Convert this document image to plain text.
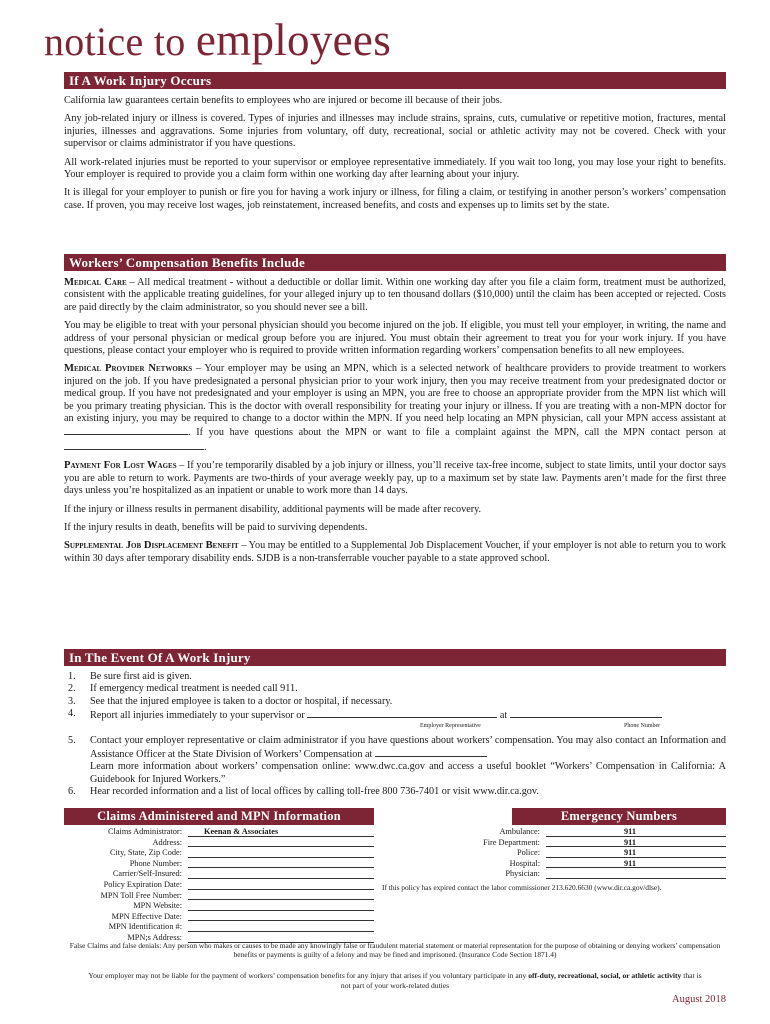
notice to employees
If A Work Injury Occurs

California law guarantees certain benefits to employees who are injured or become ill because of their jobs.

Any job-related injury or illness is covered. Types of injuries and illnesses may include strains, sprains, cuts, cumulative or repetitive motion, fractures, mental injuries, illnesses and aggravations. Some injuries from voluntary, off duty, recreational, social or athletic activity may not be covered. Check with your supervisor or claims administrator if you have questions.

All work-related injuries must be reported to your supervisor or employee representative immediately. If you wait too long, you may lose your right to benefits. Your employer is required to provide you a claim form within one working day after learning about your injury.

It is illegal for your employer to punish or fire you for having a work injury or illness, for filing a claim, or testifying in another person’s workers’ compensation case. If proven, you may receive lost wages, job reinstatement, increased benefits, and costs and expenses up to limits set by the state.

Workers’ Compensation Benefits Include

Medical Care – All medical treatment - without a deductible or dollar limit. Within one working day after you file a claim form, treatment must be authorized, consistent with the applicable treating guidelines, for your alleged injury up to ten thousand dollars ($10,000) until the claim has been accepted or rejected. Costs are paid directly by the claim administrator, so you should never see a bill.

You may be eligible to treat with your personal physician should you become injured on the job. If eligible, you must tell your employer, in writing, the name and address of your personal physician or medical group before you are injured. You must obtain their agreement to treat you for your work injury. If you have questions, please contact your employer who is required to provide written information regarding workers’ compensation benefits to all new employees.

Medical Provider Networks – Your employer may be using an MPN, which is a selected network of healthcare providers to provide treatment to workers injured on the job. If you have predesignated a personal physician prior to your work injury, then you may receive treatment from your predesignated doctor or medical group. If you have not predesignated and your employer is using an MPN, you are free to choose an appropriate provider from the MPN list which will be you primary treating physician. This is the doctor with overall responsibility for treating your injury or illness. If you are treating with a non-MPN doctor for an existing injury, you may be required to change to a doctor within the MPN. If you need help locating an MPN physician, call your MPN access assistant at . If you have questions about the MPN or want to file a complaint against the MPN, call the MPN contact person at .

Payment For Lost Wages – If you’re temporarily disabled by a job injury or illness, you’ll receive tax-free income, subject to state limits, until your doctor says you are able to return to work. Payments are two-thirds of your average weekly pay, up to a maximum set by state law. Payments aren’t made for the first three days unless you’re hospitalized as an inpatient or unable to work more than 14 days.

If the injury or illness results in permanent disability, additional payments will be made after recovery.

If the injury results in death, benefits will be paid to surviving dependents.

Supplemental Job Displacement Benefit – You may be entitled to a Supplemental Job Displacement Voucher, if your employer is not able to return you to work within 30 days after temporary disability ends. SJDB is a non-transferrable voucher payable to a state approved school.

In The Event Of A Work Injury
1. Be sure first aid is given.
2. If emergency medical treatment is needed call 911.
3. See that the injured employee is taken to a doctor or hospital, if necessary.
4. Report all injuries immediately to your supervisor or	at
Employer Representative	Phone Number
5. Contact your employer representative or claim administrator if you have questions about workers’ compensation. You may also contact an Information and Assistance Officer at the State Division of Workers’ Compensation at
Learn more information about workers’ compensation online: www.dwc.ca.gov and access a useful booklet “Workers’ Compensation in California: A Guidebook for Injured Workers.”
6. Hear recorded information and a list of local offices by calling toll-free 800 736-7401 or visit www.dir.ca.gov.
Claims Administered and MPN Information
Claims Administrator:	Keenan & Associates
Address:
City, State, Zip Code:
Phone Number:
Carrier/Self-Insured:
Policy Expiration Date:
MPN Toll Free Number:
MPN Website:
MPN Effective Date:
MPN Identification #:
MPN;s Address:
Emergency Numbers
Ambulance:	911
Fire Department:	911
Police:	911
Hospital:	911
Physician:

If this policy has expired contact the labor commissioner 213.620.6630 (www.dir.ca.gov/dlse).

False Claims and false denials: Any person who makes or causes to be made any knowingly false or fraudulent material statement or material representation for the purpose of obtaining or denying workers’ compensation benefits or payments is guilty of a felony and may be fined and imprisoned. (Insurance Code Section 1871.4)

Your employer may not be liable for the payment of workers’ compensation benefits for any injury that arises if you voluntary participate in any off-duty, recreational, social, or athletic activity that is not part of your work-related duties

August 2018
